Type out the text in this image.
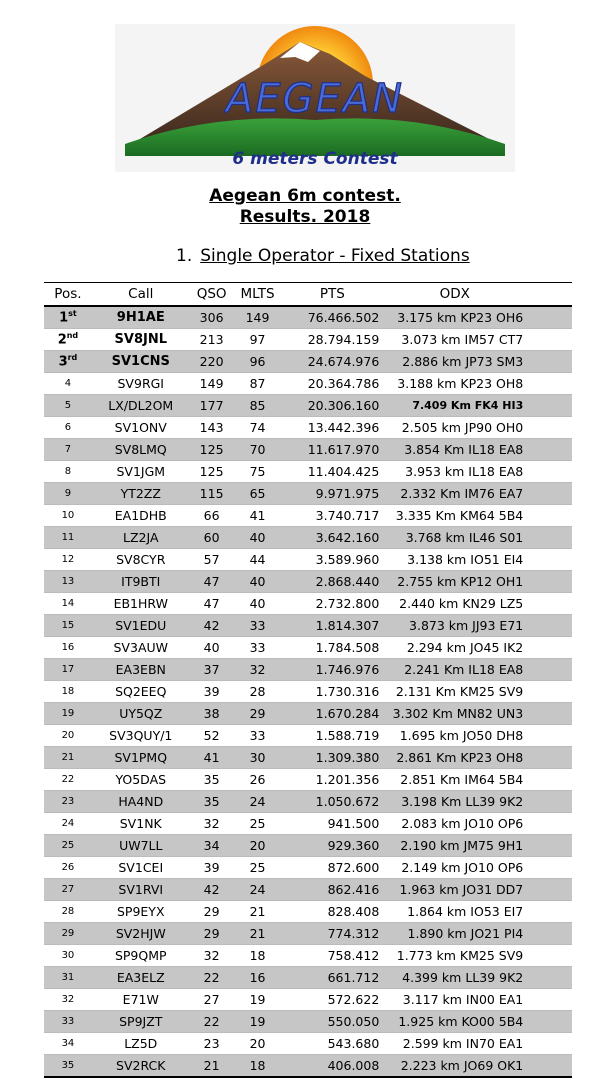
AEGEAN
6 meters Contest
Aegean 6m contest.
Results. 2018
1. Single Operator - Fixed Stations
Pos.	Call	QSO	MLTS	PTS	ODX	
1st	9H1AE	306	149	76.466.502	3.175 km KP23 OH6	
2nd	SV8JNL	213	97	28.794.159	3.073 km IM57 CT7	
3rd	SV1CNS	220	96	24.674.976	2.886 km JP73 SM3	
4	SV9RGI	149	87	20.364.786	3.188 km KP23 OH8	
5	LX/DL2OM	177	85	20.306.160	7.409 Km FK4 HI3	
6	SV1ONV	143	74	13.442.396	2.505 km JP90 OH0	
7	SV8LMQ	125	70	11.617.970	3.854 Km IL18 EA8	
8	SV1JGM	125	75	11.404.425	3.953 km IL18 EA8	
9	YT2ZZ	115	65	9.971.975	2.332 Km IM76 EA7	
10	EA1DHB	66	41	3.740.717	3.335 Km KM64 5B4	
11	LZ2JA	60	40	3.642.160	3.768 km IL46 S01	
12	SV8CYR	57	44	3.589.960	3.138 km IO51 EI4	
13	IT9BTI	47	40	2.868.440	2.755 km KP12 OH1	
14	EB1HRW	47	40	2.732.800	2.440 km KN29 LZ5	
15	SV1EDU	42	33	1.814.307	3.873 km JJ93 E71	
16	SV3AUW	40	33	1.784.508	2.294 km JO45 IK2	
17	EA3EBN	37	32	1.746.976	2.241 Km IL18 EA8	
18	SQ2EEQ	39	28	1.730.316	2.131 Km KM25 SV9	
19	UY5QZ	38	29	1.670.284	3.302 Km MN82 UN3	
20	SV3QUY/1	52	33	1.588.719	1.695 km JO50 DH8	
21	SV1PMQ	41	30	1.309.380	2.861 Km KP23 OH8	
22	YO5DAS	35	26	1.201.356	2.851 Km IM64 5B4	
23	HA4ND	35	24	1.050.672	3.198 Km LL39 9K2	
24	SV1NK	32	25	941.500	2.083 km JO10 OP6	
25	UW7LL	34	20	929.360	2.190 km JM75 9H1	
26	SV1CEI	39	25	872.600	2.149 km JO10 OP6	
27	SV1RVI	42	24	862.416	1.963 km JO31 DD7	
28	SP9EYX	29	21	828.408	1.864 km IO53 EI7	
29	SV2HJW	29	21	774.312	1.890 km JO21 PI4	
30	SP9QMP	32	18	758.412	1.773 km KM25 SV9	
31	EA3ELZ	22	16	661.712	4.399 km LL39 9K2	
32	E71W	27	19	572.622	3.117 km IN00 EA1	
33	SP9JZT	22	19	550.050	1.925 km KO00 5B4	
34	LZ5D	23	20	543.680	2.599 km IN70 EA1	
35	SV2RCK	21	18	406.008	2.223 km JO69 OK1	
